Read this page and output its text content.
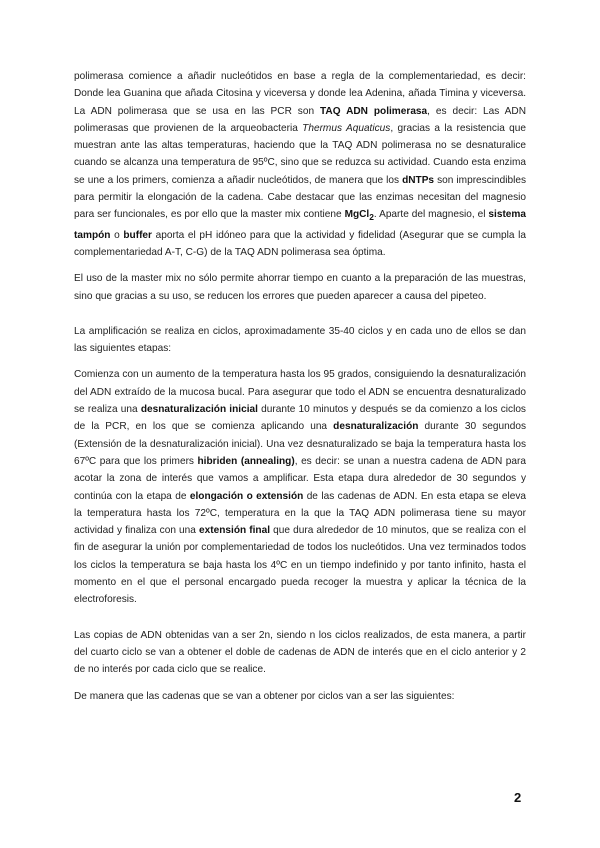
polimerasa comience a añadir nucleótidos en base a regla de la complementariedad, es decir: Donde lea Guanina que añada Citosina y viceversa y donde lea Adenina, añada Timina y viceversa. La ADN polimerasa que se usa en las PCR son TAQ ADN polimerasa, es decir: Las ADN polimerasas que provienen de la arqueobacteria Thermus Aquaticus, gracias a la resistencia que muestran ante las altas temperaturas, haciendo que la TAQ ADN polimerasa no se desnaturalice cuando se alcanza una temperatura de 95ºC, sino que se reduzca su actividad. Cuando esta enzima se une a los primers, comienza a añadir nucleótidos, de manera que los dNTPs son imprescindibles para permitir la elongación de la cadena. Cabe destacar que las enzimas necesitan del magnesio para ser funcionales, es por ello que la master mix contiene MgCl$_2$. Aparte del magnesio, el sistema tampón o buffer aporta el pH idóneo para que la actividad y fidelidad (Asegurar que se cumpla la complementariedad A-T, C-G) de la TAQ ADN polimerasa sea óptima.

El uso de la master mix no sólo permite ahorrar tiempo en cuanto a la preparación de las muestras, sino que gracias a su uso, se reducen los errores que pueden aparecer a causa del pipeteo.

La amplificación se realiza en ciclos, aproximadamente 35-40 ciclos y en cada uno de ellos se dan las siguientes etapas:

Comienza con un aumento de la temperatura hasta los 95 grados, consiguiendo la desnaturalización del ADN extraído de la mucosa bucal. Para asegurar que todo el ADN se encuentra desnaturalizado se realiza una desnaturalización inicial durante 10 minutos y después se da comienzo a los ciclos de la PCR, en los que se comienza aplicando una desnaturalización durante 30 segundos (Extensión de la desnaturalización inicial). Una vez desnaturalizado se baja la temperatura hasta los 67ºC para que los primers hibriden (annealing), es decir: se unan a nuestra cadena de ADN para acotar la zona de interés que vamos a amplificar. Esta etapa dura alrededor de 30 segundos y continúa con la etapa de elongación o extensión de las cadenas de ADN. En esta etapa se eleva la temperatura hasta los 72ºC, temperatura en la que la TAQ ADN polimerasa tiene su mayor actividad y finaliza con una extensión final que dura alrededor de 10 minutos, que se realiza con el fin de asegurar la unión por complementariedad de todos los nucleótidos. Una vez terminados todos los ciclos la temperatura se baja hasta los 4ºC en un tiempo indefinido y por tanto infinito, hasta el momento en el que el personal encargado pueda recoger la muestra y aplicar la técnica de la electroforesis.

Las copias de ADN obtenidas van a ser 2n, siendo n los ciclos realizados, de esta manera, a partir del cuarto ciclo se van a obtener el doble de cadenas de ADN de interés que en el ciclo anterior y 2 de no interés por cada ciclo que se realice.

De manera que las cadenas que se van a obtener por ciclos van a ser las siguientes:

2
